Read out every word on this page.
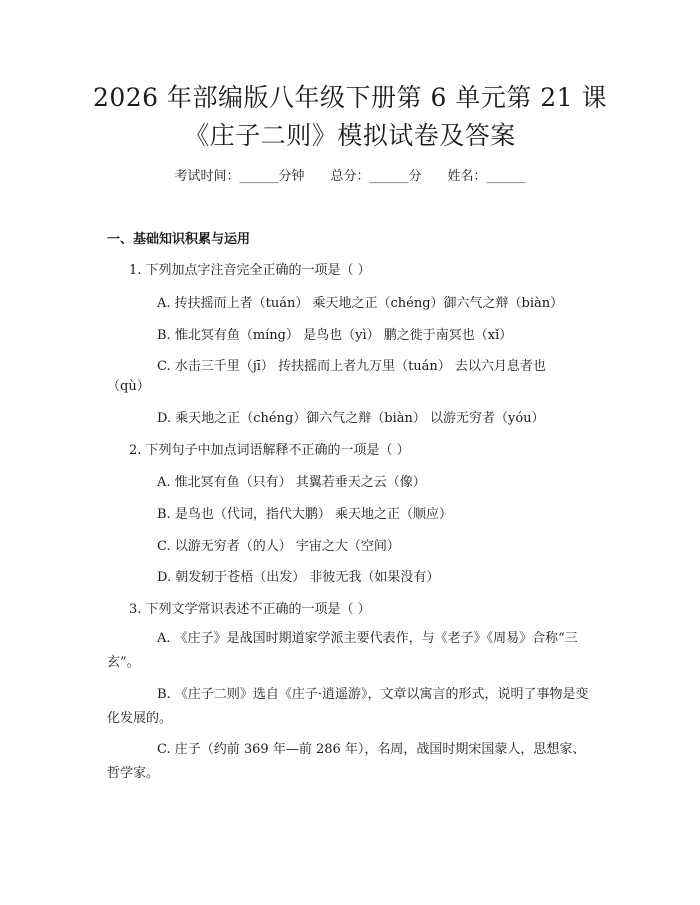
2026 年部编版八年级下册第 6 单元第 21 课
《庄子二则》模拟试卷及答案
考试时间：______分钟 总分：______分 姓名：______
一、基础知识积累与运用
1. 下列加点字注音完全正确的一项是（ ）
A. 抟扶摇而上者（tuán） 乘天地之正（chéng）御六气之辩（biàn）
B. 惟北冥有鱼（míng） 是鸟也（yì） 鹏之徙于南冥也（xǐ）
C. 水击三千里（jī） 抟扶摇而上者九万里（tuán） 去以六月息者也
（qù）
D. 乘天地之正（chéng）御六气之辩（biàn） 以游无穷者（yóu）
2. 下列句子中加点词语解释不正确的一项是（ ）
A. 惟北冥有鱼（只有） 其翼若垂天之云（像）
B. 是鸟也（代词，指代大鹏） 乘天地之正（顺应）
C. 以游无穷者（的人） 宇宙之大（空间）
D. 朝发轫于苍梧（出发） 非彼无我（如果没有）
3. 下列文学常识表述不正确的一项是（ ）
A. 《庄子》是战国时期道家学派主要代表作，与《老子》《周易》合称“三玄”。
B. 《庄子二则》选自《庄子·逍遥游》，文章以寓言的形式，说明了事物是变化发展的。
C. 庄子（约前 369 年—前 286 年），名周，战国时期宋国蒙人，思想家、哲学家。
